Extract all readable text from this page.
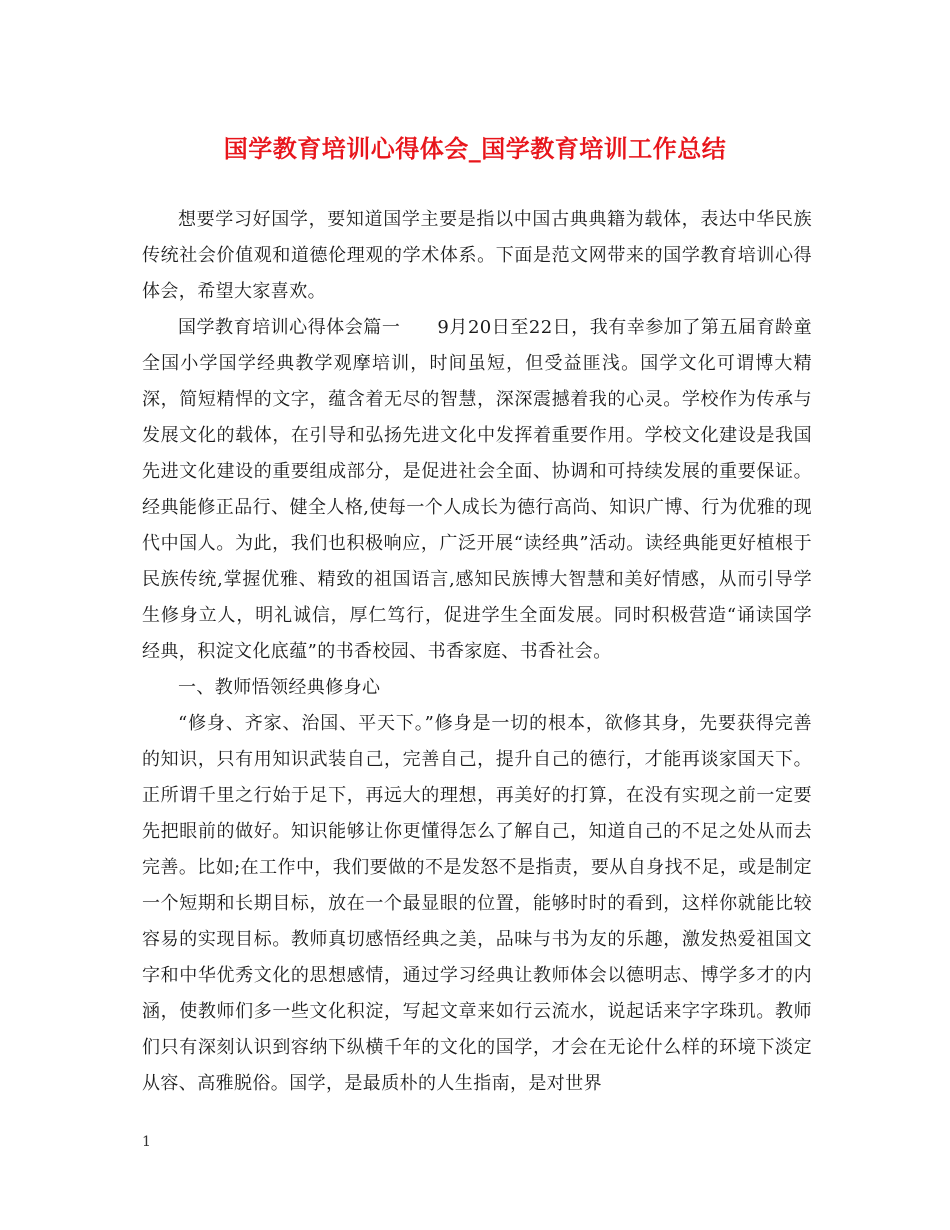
国学教育培训心得体会_国学教育培训工作总结

想要学习好国学，要知道国学主要是指以中国古典典籍为载体，表达中华民族传统社会价值观和道德伦理观的学术体系。下面是范文网带来的国学教育培训心得体会，希望大家喜欢。

国学教育培训心得体会篇一　　9月20日至22日，我有幸参加了第五届育龄童全国小学国学经典教学观摩培训，时间虽短，但受益匪浅。国学文化可谓博大精深，简短精悍的文字，蕴含着无尽的智慧，深深震撼着我的心灵。学校作为传承与发展文化的载体，在引导和弘扬先进文化中发挥着重要作用。学校文化建设是我国先进文化建设的重要组成部分，是促进社会全面、协调和可持续发展的重要保证。经典能修正品行、健全人格,使每一个人成长为德行高尚、知识广博、行为优雅的现代中国人。为此，我们也积极响应，广泛开展“读经典”活动。读经典能更好植根于民族传统,掌握优雅、精致的祖国语言,感知民族博大智慧和美好情感，从而引导学生修身立人，明礼诚信，厚仁笃行，促进学生全面发展。同时积极营造“诵读国学经典，积淀文化底蕴”的书香校园、书香家庭、书香社会。

一、教师悟领经典修身心

“修身、齐家、治国、平天下。”修身是一切的根本，欲修其身，先要获得完善的知识，只有用知识武装自己，完善自己，提升自己的德行，才能再谈家国天下。正所谓千里之行始于足下，再远大的理想，再美好的打算，在没有实现之前一定要先把眼前的做好。知识能够让你更懂得怎么了解自己，知道自己的不足之处从而去完善。比如;在工作中，我们要做的不是发怒不是指责，要从自身找不足，或是制定一个短期和长期目标，放在一个最显眼的位置，能够时时的看到，这样你就能比较容易的实现目标。教师真切感悟经典之美，品味与书为友的乐趣，激发热爱祖国文字和中华优秀文化的思想感情，通过学习经典让教师体会以德明志、博学多才的内涵，使教师们多一些文化积淀，写起文章来如行云流水，说起话来字字珠玑。教师们只有深刻认识到容纳下纵横千年的文化的国学，才会在无论什么样的环境下淡定从容、高雅脱俗。国学，是最质朴的人生指南，是对世界

1
